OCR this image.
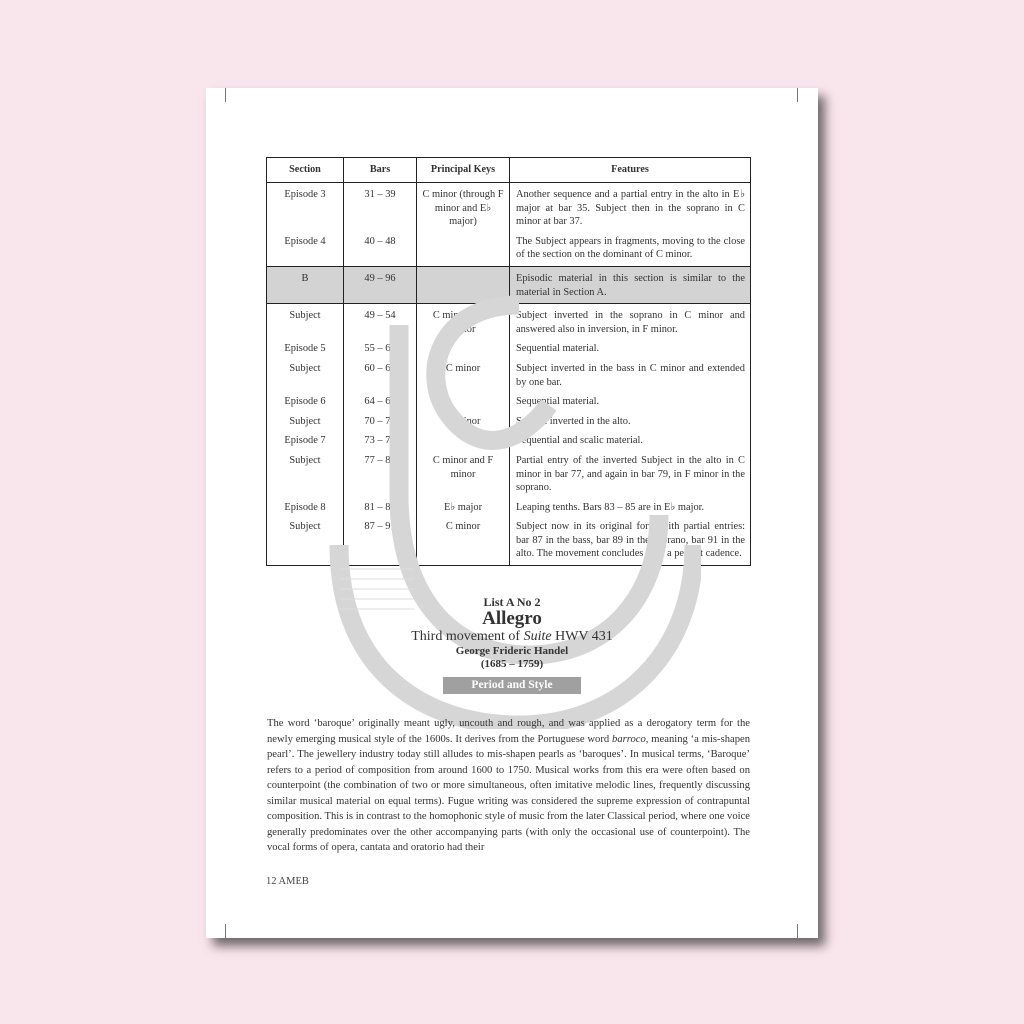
Section	Bars	Principal Keys	Features
Episode 3	31 – 39	C minor (through F minor and E♭ major)	Another sequence and a partial entry in the alto in E♭ major at bar 35. Subject then in the soprano in C minor at bar 37.
Episode 4	40 – 48		The Subject appears in fragments, moving to the close of the section on the dominant of C minor.
B	49 – 96		Episodic material in this section is similar to the material in Section A.
Subject	49 – 54	C minor and F minor	Subject inverted in the soprano in C minor and answered also in inversion, in F minor.
Episode 5	55 – 60		Sequential material.
Subject	60 – 63	C minor	Subject inverted in the bass in C minor and extended by one bar.
Episode 6	64 – 69		Sequential material.
Subject	70 – 72	G minor	Subject inverted in the alto.
Episode 7	73 – 76		Sequential and scalic material.
Subject	77 – 80	C minor and F minor	Partial entry of the inverted Subject in the alto in C minor in bar 77, and again in bar 79, in F minor in the soprano.
Episode 8	81 – 86	E♭ major	Leaping tenths. Bars 83 – 85 are in E♭ major.
Subject	87 – 91	C minor	Subject now in its original form with partial entries: bar 87 in the bass, bar 89 in the soprano, bar 91 in the alto. The movement concludes with a perfect cadence.
List A No 2
Allegro
Third movement of Suite HWV 431
George Frideric Handel
(1685 – 1759)
Period and Style

The word ‘baroque’ originally meant ugly, uncouth and rough, and was applied as a derogatory term for the newly emerging musical style of the 1600s. It derives from the Portuguese word barroco, meaning ‘a mis-shapen pearl’. The jewellery industry today still alludes to mis-shapen pearls as ‘baroques’. In musical terms, ‘Baroque’ refers to a period of composition from around 1600 to 1750. Musical works from this era were often based on counterpoint (the combination of two or more simultaneous, often imitative melodic lines, frequently discussing similar musical material on equal terms). Fugue writing was considered the supreme expression of contrapuntal composition. This is in contrast to the homophonic style of music from the later Classical period, where one voice generally predominates over the other accompanying parts (with only the occasional use of counterpoint). The vocal forms of opera, cantata and oratorio had their

12 AMEB
